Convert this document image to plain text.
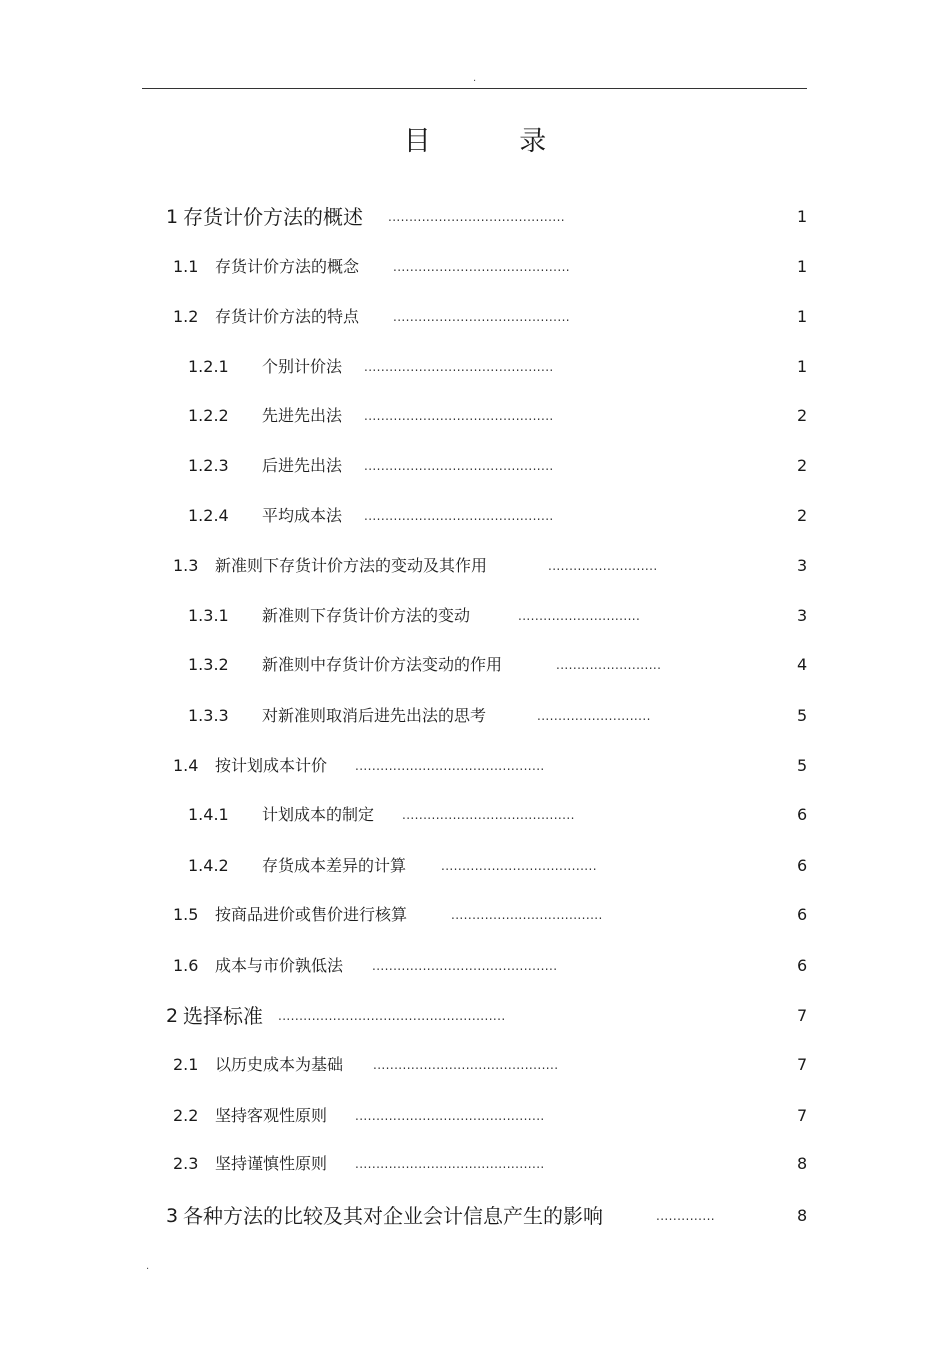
.
目 录
1 存货计价方法的概述 ..........................................	1
1.1 存货计价方法的概念	..........................................	1
1.2 存货计价方法的特点	..........................................	1
1.2.1 个别计价法 .............................................	1
1.2.2 先进先出法 .............................................	2
1.2.3 后进先出法 .............................................	2
1.2.4 平均成本法 .............................................	2
1.3 新准则下存货计价方法的变动及其作用	..........................	3
1.3.1 新准则下存货计价方法的变动	.............................	3
1.3.2 新准则中存货计价方法变动的作用	.........................	4
1.3.3 对新准则取消后进先出法的思考	...........................	5
1.4 按计划成本计价 .............................................	5
1.4.1 计划成本的制定 .........................................	6
1.4.2 存货成本差异的计算	.....................................	6
1.5 按商品进价或售价进行核算	....................................	6
1.6 成本与市价孰低法 ............................................	6
2 选择标准 ......................................................	7
2.1 以历史成本为基础 ............................................	7
2.2 坚持客观性原则 .............................................	7
2.3 坚持谨慎性原则 .............................................	8
3 各种方法的比较及其对企业会计信息产生的影响	..............	8
.
